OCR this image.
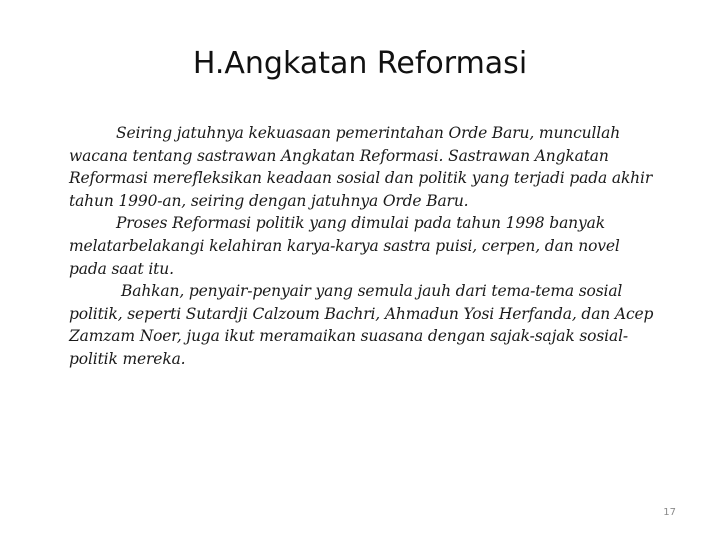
H.Angkatan Reformasi

Seiring jatuhnya kekuasaan pemerintahan Orde Baru, muncullah wacana tentang sastrawan Angkatan Reformasi. Sastrawan Angkatan Reformasi merefleksikan keadaan sosial dan politik yang terjadi pada akhir tahun 1990-an, seiring dengan jatuhnya Orde Baru.

Proses Reformasi politik yang dimulai pada tahun 1998 banyak melatarbelakangi kelahiran karya-karya sastra puisi, cerpen, dan novel pada saat itu.

Bahkan, penyair-penyair yang semula jauh dari tema-tema sosial politik, seperti Sutardji Calzoum Bachri, Ahmadun Yosi Herfanda, dan Acep Zamzam Noer, juga ikut meramaikan suasana dengan sajak-sajak sosial-politik mereka.

17
